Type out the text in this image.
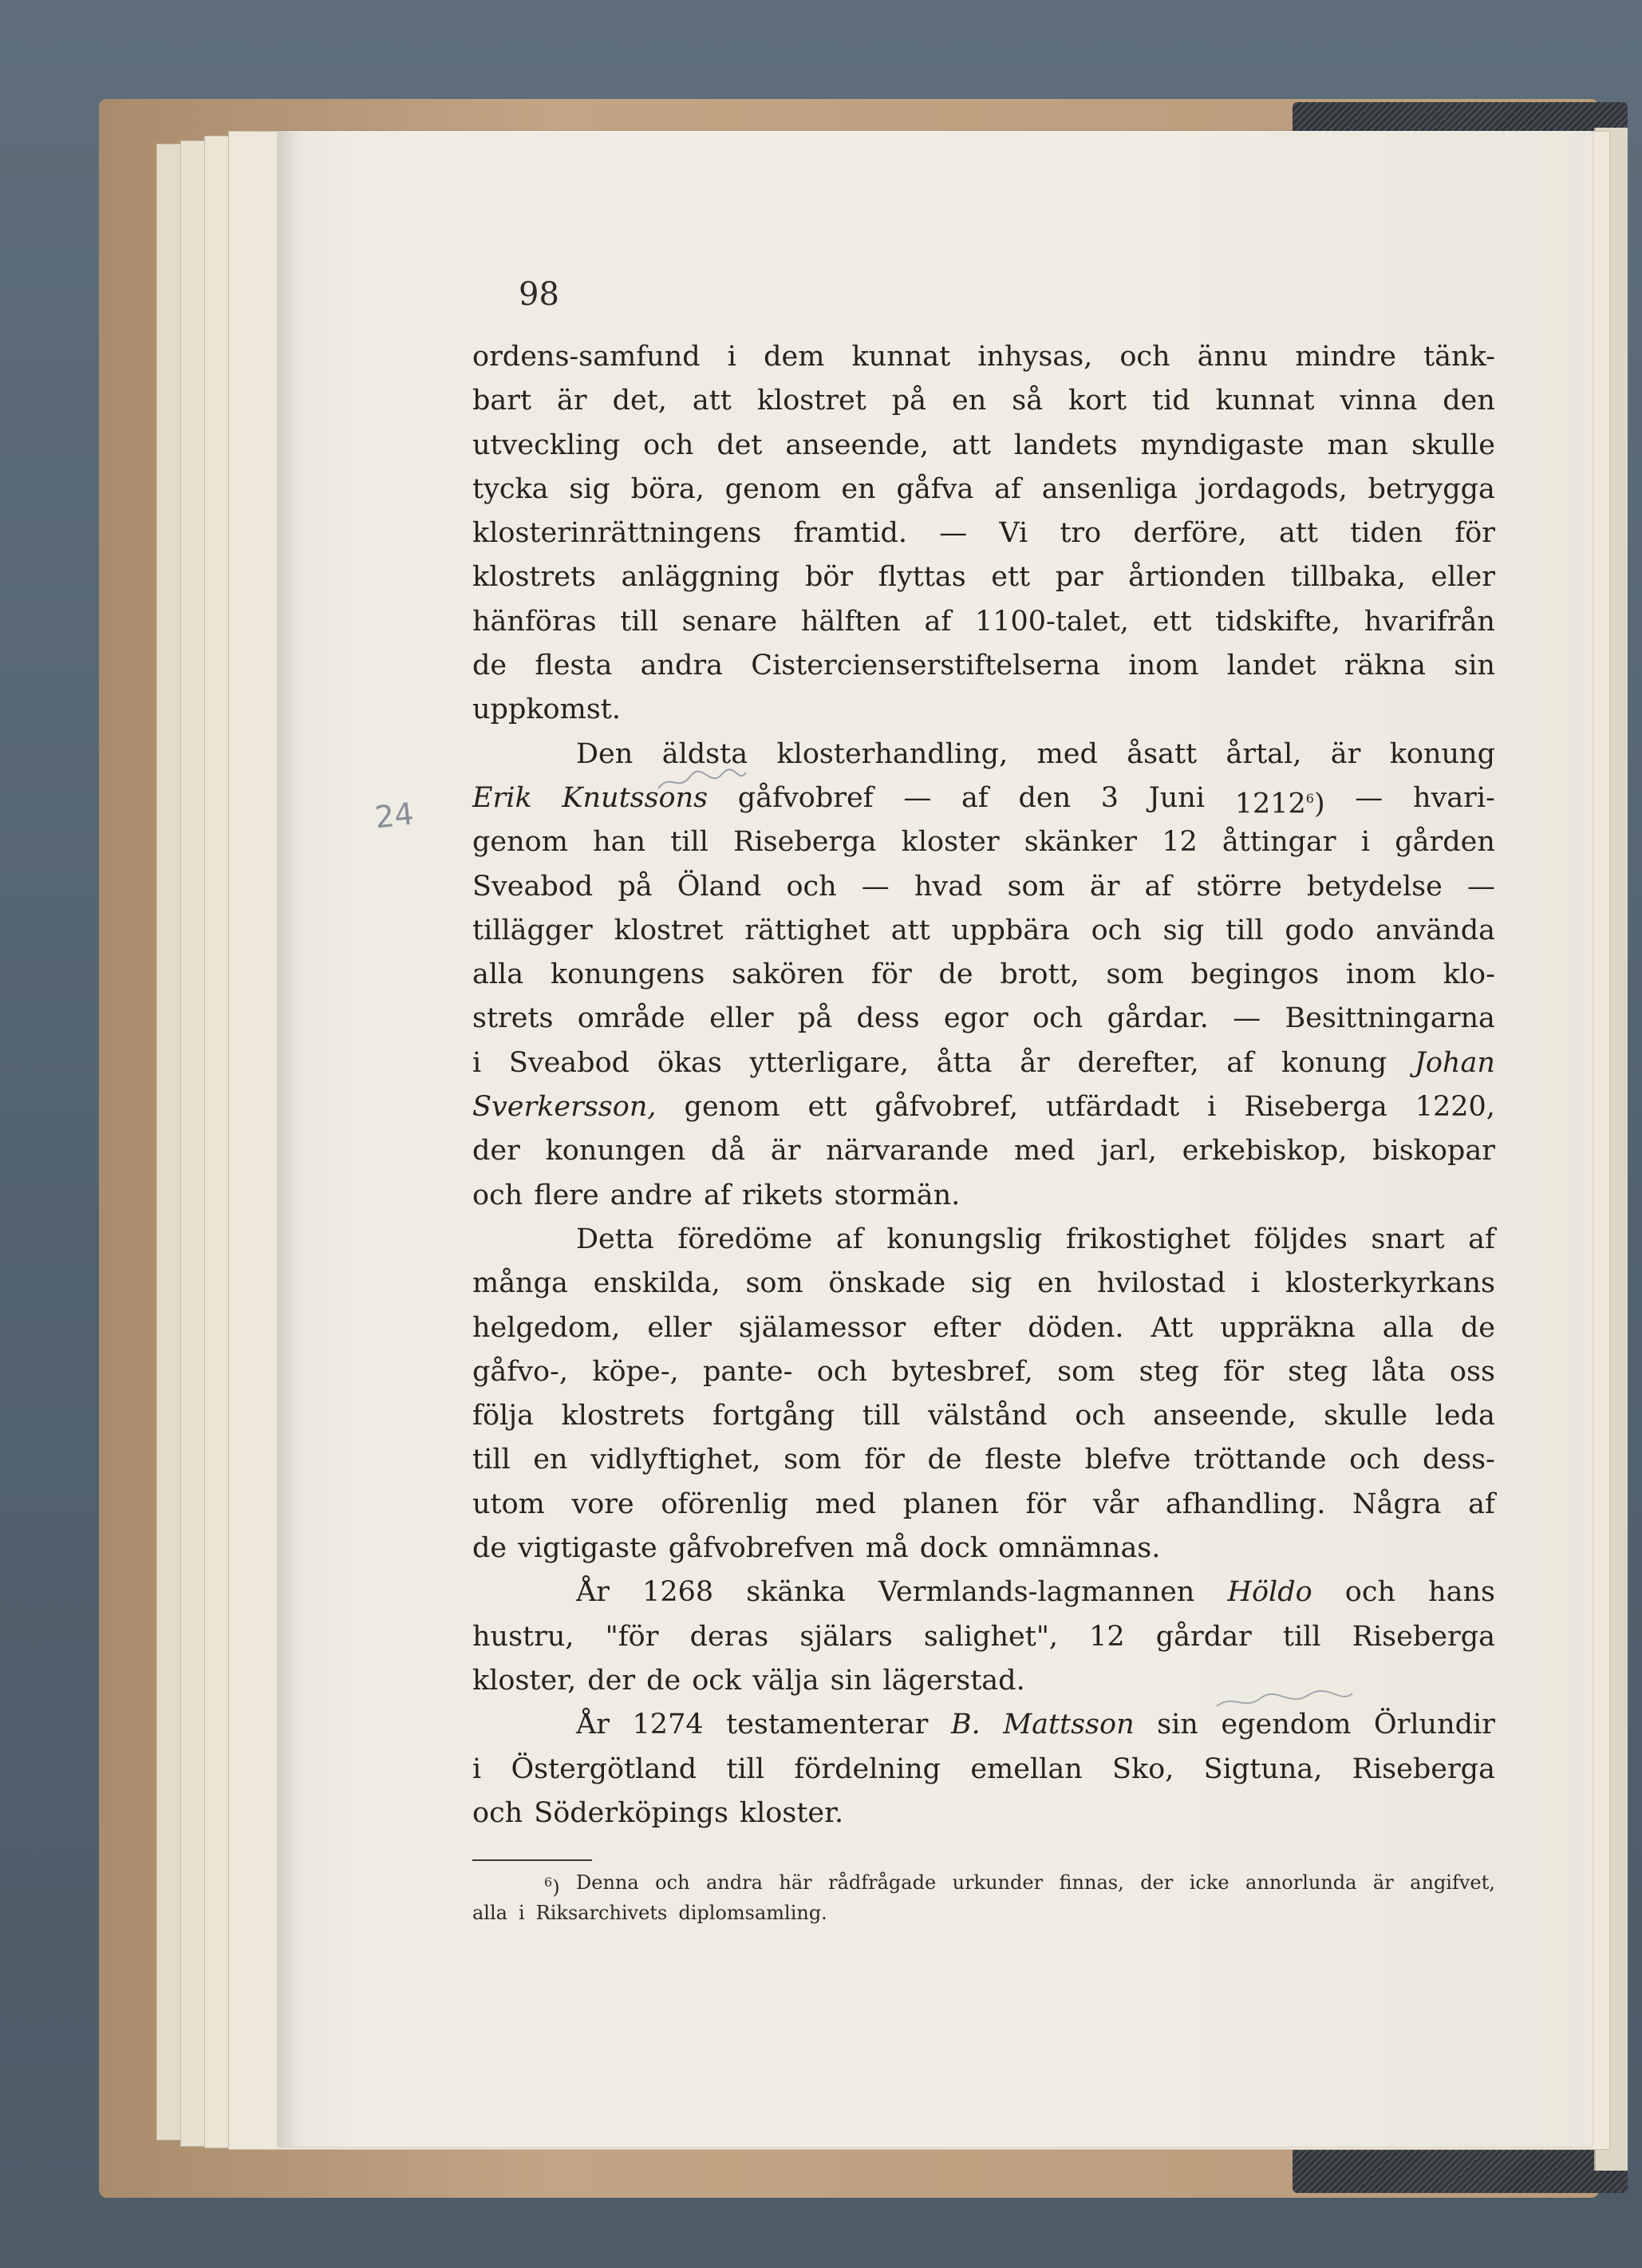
98

24
ordens-samfund i dem kunnat inhysas, och ännu mindre tänk-
bart är det, att klostret på en så kort tid kunnat vinna den
utveckling och det anseende, att landets myndigaste man skulle
tycka sig böra, genom en gåfva af ansenliga jordagods, betrygga
klosterinrättningens framtid. — Vi tro derföre, att tiden för
klostrets anläggning bör flyttas ett par årtionden tillbaka, eller
hänföras till senare hälften af 1100-talet, ett tidskifte, hvarifrån
de flesta andra Cistercienserstiftelserna inom landet räkna sin
uppkomst.
Den äldsta klosterhandling, med åsatt årtal, är konung
Erik Knutssons gåfvobref — af den 3 Juni 1212$^6$) — hvari-
genom han till Riseberga kloster skänker 12 åttingar i gården
Sveabod på Öland och — hvad som är af större betydelse —
tillägger klostret rättighet att uppbära och sig till godo använda
alla konungens sakören för de brott, som begingos inom klo-
strets område eller på dess egor och gårdar. — Besittningarna
i Sveabod ökas ytterligare, åtta år derefter, af konung Johan
Sverkersson, genom ett gåfvobref, utfärdadt i Riseberga 1220,
der konungen då är närvarande med jarl, erkebiskop, biskopar
och flere andre af rikets stormän.
Detta föredöme af konungslig frikostighet följdes snart af
många enskilda, som önskade sig en hvilostad i klosterkyrkans
helgedom, eller själamessor efter döden. Att uppräkna alla de
gåfvo-, köpe-, pante- och bytesbref, som steg för steg låta oss
följa klostrets fortgång till välstånd och anseende, skulle leda
till en vidlyftighet, som för de fleste blefve tröttande och dess-
utom vore oförenlig med planen för vår afhandling. Några af
de vigtigaste gåfvobrefven må dock omnämnas.
År 1268 skänka Vermlands-lagmannen Höldo och hans
hustru, "för deras själars salighet", 12 gårdar till Riseberga
kloster, der de ock välja sin lägerstad.
År 1274 testamenterar B. Mattsson sin egendom Örlundir
i Östergötland till fördelning emellan Sko, Sigtuna, Riseberga
och Söderköpings kloster.
$^6$) Denna och andra här rådfrågade urkunder finnas, der icke annorlunda är angifvet,
alla i Riksarchivets diplomsamling.
